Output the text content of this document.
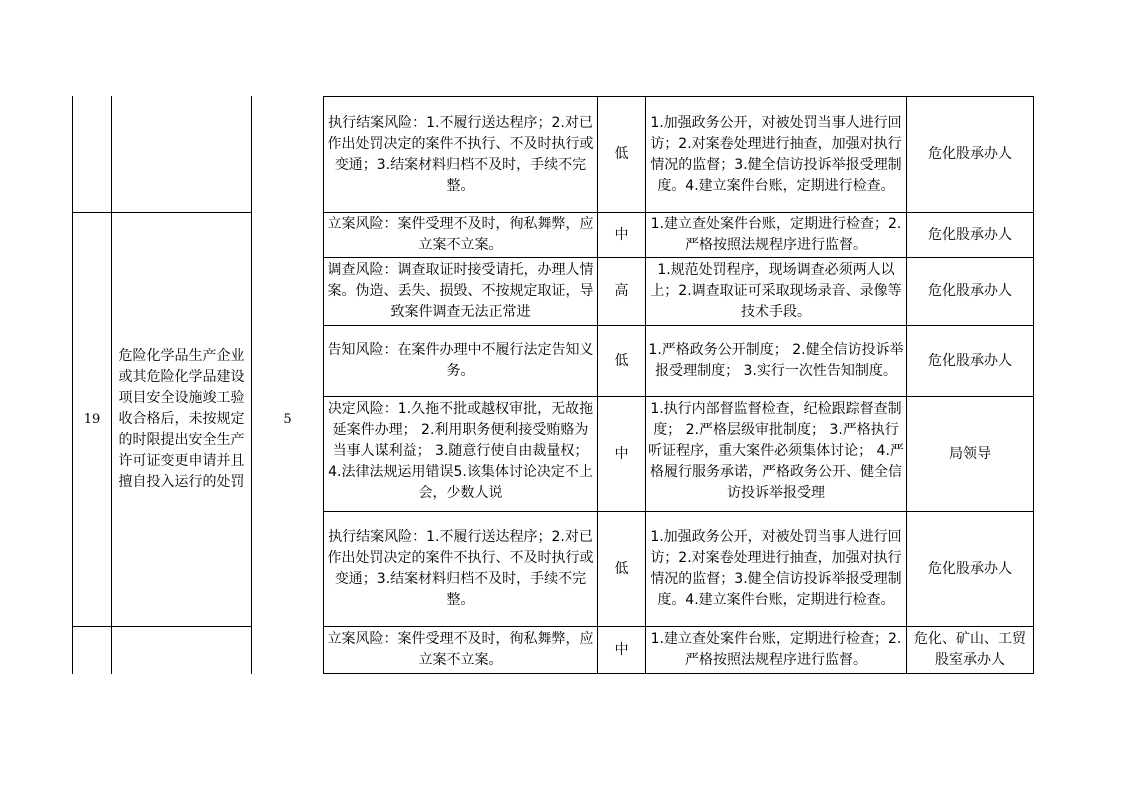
19
危险化学品生产企业或其危险化学品建设项目安全设施竣工验收合格后，未按规定的时限提出安全生产许可证变更申请并且擅自投入运行的处罚
5
执行结案风险：1.不履行送达程序；2.对已作出处罚决定的案件不执行、不及时执行或变通；3.结案材料归档不及时，手续不完整。
低
1.加强政务公开，对被处罚当事人进行回访；2.对案卷处理进行抽查，加强对执行情况的监督；3.健全信访投诉举报受理制度。4.建立案件台账，定期进行检查。
危化股承办人
立案风险：案件受理不及时，徇私舞弊，应立案不立案。
中
1.建立查处案件台账，定期进行检查；2.严格按照法规程序进行监督。
危化股承办人
调查风险：调查取证时接受请托，办理人情案。伪造、丢失、损毁、不按规定取证，导致案件调查无法正常进
高
1.规范处罚程序，现场调查必须两人以上；2.调查取证可采取现场录音、录像等技术手段。
危化股承办人
告知风险：在案件办理中不履行法定告知义务。
低
1.严格政务公开制度； 2.健全信访投诉举报受理制度； 3.实行一次性告知制度。
危化股承办人
决定风险：1.久拖不批或越权审批，无故拖延案件办理； 2.利用职务便利接受贿赂为当事人谋利益； 3.随意行使自由裁量权； 4.法律法规运用错误5.该集体讨论决定不上会，少数人说
中
1.执行内部督监督检查，纪检跟踪督查制度； 2.严格层级审批制度； 3.严格执行听证程序，重大案件必须集体讨论； 4.严格履行服务承诺，严格政务公开、健全信访投诉举报受理
局领导
执行结案风险：1.不履行送达程序；2.对已作出处罚决定的案件不执行、不及时执行或变通；3.结案材料归档不及时，手续不完整。
低
1.加强政务公开，对被处罚当事人进行回访；2.对案卷处理进行抽查，加强对执行情况的监督；3.健全信访投诉举报受理制度。4.建立案件台账，定期进行检查。
危化股承办人
立案风险：案件受理不及时，徇私舞弊，应立案不立案。
中
1.建立查处案件台账，定期进行检查；2.严格按照法规程序进行监督。
危化、矿山、工贸股室承办人
